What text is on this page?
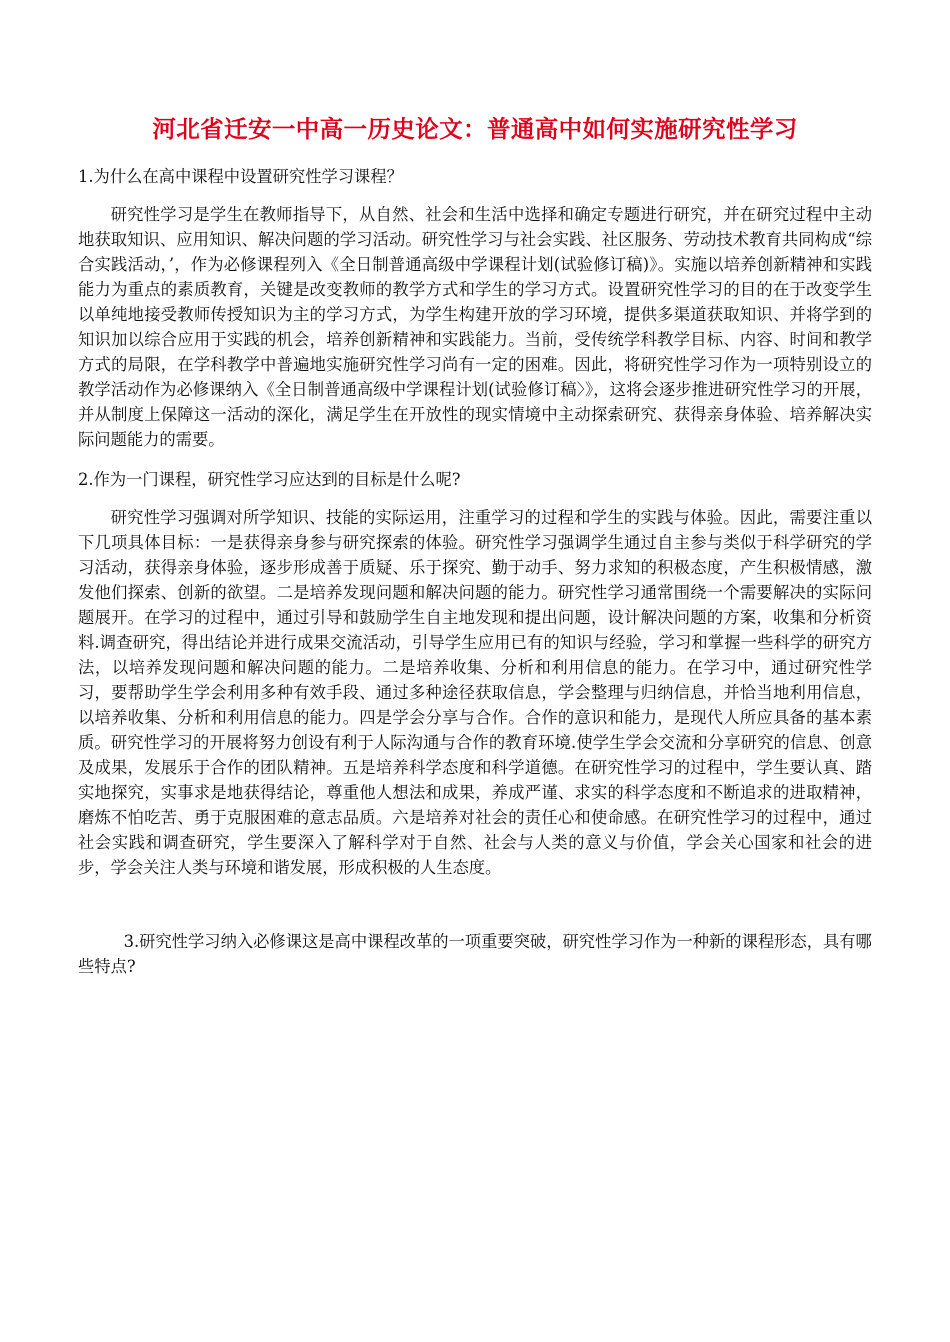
河北省迁安一中高一历史论文：普通高中如何实施研究性学习

1.为什么在高中课程中设置研究性学习课程？

研究性学习是学生在教师指导下，从自然、社会和生活中选择和确定专题进行研究，并在研究过程中主动地获取知识、应用知识、解决问题的学习活动。研究性学习与社会实践、社区服务、劳动技术教育共同构成“综合实践活动，’，作为必修课程列入《全日制普通高级中学课程计划(试验修订稿)》。实施以培养创新精神和实践能力为重点的素质教育，关键是改变教师的教学方式和学生的学习方式。设置研究性学习的目的在于改变学生以单纯地接受教师传授知识为主的学习方式，为学生构建开放的学习环境，提供多渠道获取知识、并将学到的知识加以综合应用于实践的机会，培养创新精神和实践能力。当前，受传统学科教学目标、内容、时间和教学方式的局限，在学科教学中普遍地实施研究性学习尚有一定的困难。因此，将研究性学习作为一项特别设立的教学活动作为必修课纳入《全日制普通高级中学课程计划(试验修订稿〉》，这将会逐步推进研究性学习的开展，并从制度上保障这一活动的深化，满足学生在开放性的现实情境中主动探索研究、获得亲身体验、培养解决实际问题能力的需要。

2.作为一门课程，研究性学习应达到的目标是什么呢?

研究性学习强调对所学知识、技能的实际运用，注重学习的过程和学生的实践与体验。因此，需要注重以下几项具体目标：一是获得亲身参与研究探索的体验。研究性学习强调学生通过自主参与类似于科学研究的学习活动，获得亲身体验，逐步形成善于质疑、乐于探究、勤于动手、努力求知的积极态度，产生积极情感，激发他们探索、创新的欲望。二是培养发现问题和解决问题的能力。研究性学习通常围绕一个需要解决的实际问题展开。在学习的过程中，通过引导和鼓励学生自主地发现和提出问题，设计解决问题的方案，收集和分析资料.调查研究，得出结论并进行成果交流活动，引导学生应用已有的知识与经验，学习和掌握一些科学的研究方法，以培养发现问题和解决问题的能力。二是培养收集、分析和利用信息的能力。在学习中，通过研究性学习，要帮助学生学会利用多种有效手段、通过多种途径获取信息，学会整理与归纳信息，并恰当地利用信息，以培养收集、分析和利用信息的能力。四是学会分享与合作。合作的意识和能力，是现代人所应具备的基本素质。研究性学习的开展将努力创设有利于人际沟通与合作的教育环境.使学生学会交流和分享研究的信息、创意及成果，发展乐于合作的团队精神。五是培养科学态度和科学道德。在研究性学习的过程中，学生要认真、踏实地探究，实事求是地获得结论，尊重他人想法和成果，养成严谨、求实的科学态度和不断追求的进取精神，磨炼不怕吃苦、勇于克服困难的意志品质。六是培养对社会的责任心和使命感。在研究性学习的过程中，通过社会实践和调查研究，学生要深入了解科学对于自然、社会与人类的意义与价值，学会关心国家和社会的进步，学会关注人类与环境和谐发展，形成积极的人生态度。

3.研究性学习纳入必修课这是高中课程改革的一项重要突破，研究性学习作为一种新的课程形态，具有哪些特点?
